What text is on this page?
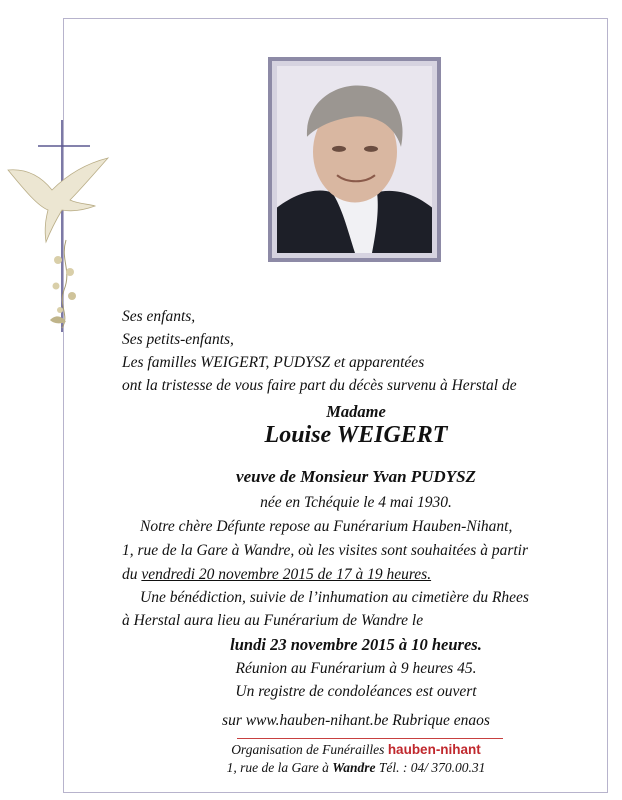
Ses enfants,
Ses petits-enfants,
Les familles WEIGERT, PUDYSZ et apparentées
ont la tristesse de vous faire part du décès survenu à Herstal de
Madame
Louise WEIGERT
veuve de Monsieur Yvan PUDYSZ
née en Tchéquie le 4 mai 1930.
Notre chère Défunte repose au Funérarium Hauben-Nihant,
1, rue de la Gare à Wandre, où les visites sont souhaitées à partir
du vendredi 20 novembre 2015 de 17 à 19 heures.
Une bénédiction, suivie de l’inhumation au cimetière du Rhees
à Herstal aura lieu au Funérarium de Wandre le
lundi 23 novembre 2015 à 10 heures.
Réunion au Funérarium à 9 heures 45.
Un registre de condoléances est ouvert
sur www.hauben-nihant.be Rubrique enaos
Organisation de Funérailles hauben-nihant
1, rue de la Gare à Wandre Tél. : 04/ 370.00.31
